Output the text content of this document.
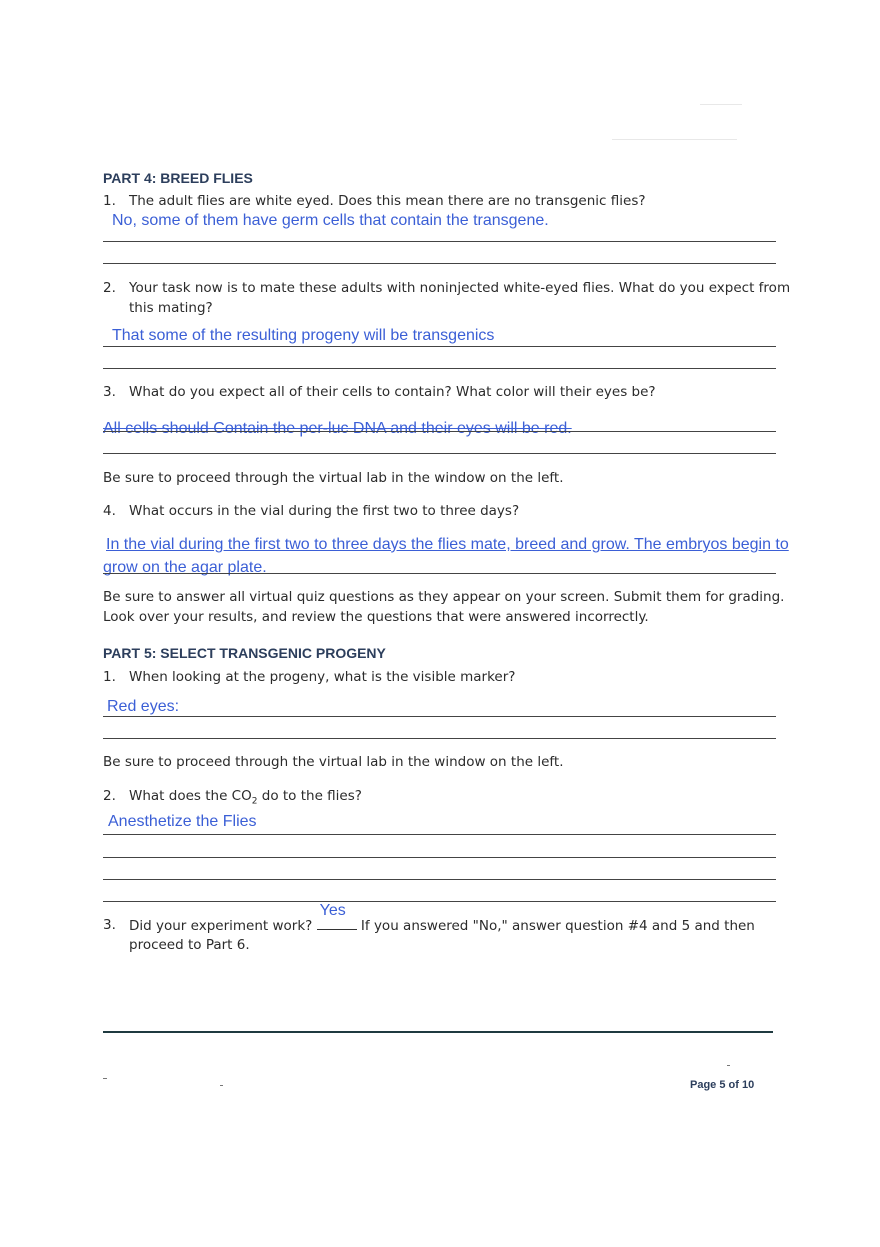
PART 4: BREED FLIES
1. The adult flies are white eyed. Does this mean there are no transgenic flies?
No, some of them have germ cells that contain the transgene.
2. Your task now is to mate these adults with noninjected white-eyed flies. What do you expect from
this mating?
That some of the resulting progeny will be transgenics
3. What do you expect all of their cells to contain? What color will their eyes be?
All cells should Contain the per-luc DNA and their eyes will be red.
Be sure to proceed through the virtual lab in the window on the left.
4. What occurs in the vial during the first two to three days?
In the vial during the first two to three days the flies mate, breed and grow. The embryos begin to
grow on the agar plate.
Be sure to answer all virtual quiz questions as they appear on your screen. Submit them for grading.
Look over your results, and review the questions that were answered incorrectly.
PART 5: SELECT TRANSGENIC PROGENY
1. When looking at the progeny, what is the visible marker?
Red eyes:
Be sure to proceed through the virtual lab in the window on the left.
2. What does the $CO_2$ do to the flies?
Anesthetize the Flies
3. Did your experiment work?
Yes
If you answered "No," answer question #4 and 5 and then
proceed to Part 6.
Page 5 of 10
